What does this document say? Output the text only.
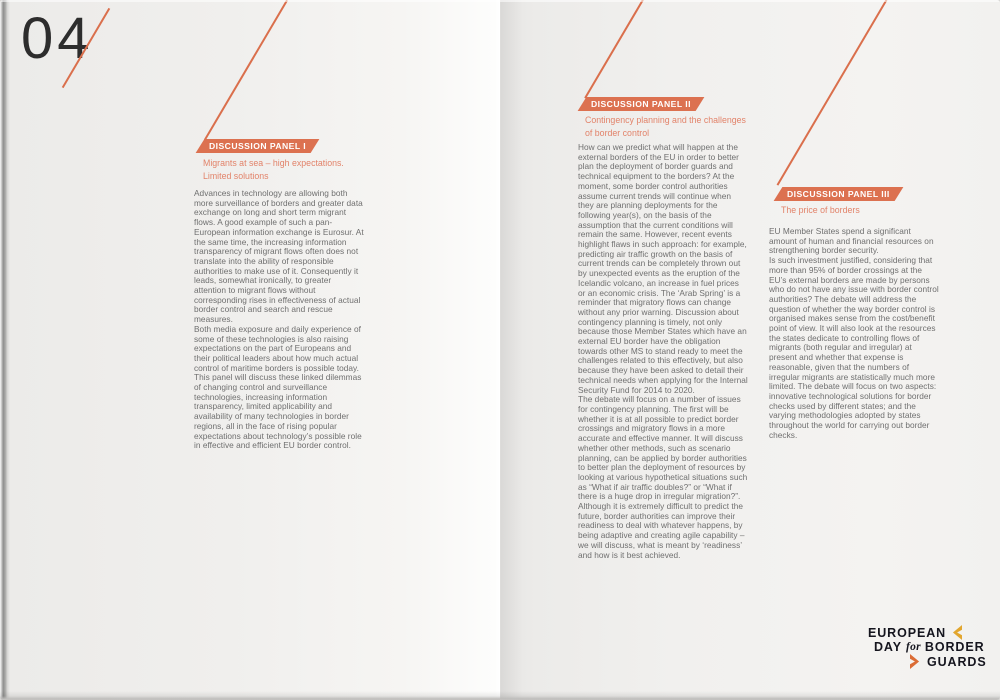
04
DISCUSSION PANEL I
Migrants at sea – high expectations.
Limited solutions

Advances in technology are allowing both more surveillance of borders and greater data exchange on long and short term migrant flows. A good example of such a pan-European information exchange is Eurosur. At the same time, the increasing information transparency of migrant flows often does not translate into the ability of responsible authorities to make use of it. Consequently it leads, somewhat ironically, to greater attention to migrant flows without corresponding rises in effectiveness of actual border control and search and rescue measures.

Both media exposure and daily experience of some of these technologies is also raising expectations on the part of Europeans and their political leaders about how much actual control of maritime borders is possible today. This panel will discuss these linked dilemmas of changing control and surveillance technologies, increasing information transparency, limited applicability and availability of many technologies in border regions, all in the face of rising popular expectations about technology’s possible role in effective and efficient EU border control.

DISCUSSION PANEL II
Contingency planning and the challenges
of border control

How can we predict what will happen at the external borders of the EU in order to better plan the deployment of border guards and technical equipment to the borders? At the moment, some border control authorities assume current trends will continue when they are planning deployments for the following year(s), on the basis of the assumption that the current conditions will remain the same. However, recent events highlight flaws in such approach: for example, predicting air traffic growth on the basis of current trends can be completely thrown out by unexpected events as the eruption of the Icelandic volcano, an increase in fuel prices or an economic crisis. The ‘Arab Spring’ is a reminder that migratory flows can change without any prior warning. Discussion about contingency planning is timely, not only because those Member States which have an external EU border have the obligation towards other MS to stand ready to meet the challenges related to this effectively, but also because they have been asked to detail their technical needs when applying for the Internal Security Fund for 2014 to 2020.

The debate will focus on a number of issues for contingency planning. The first will be whether it is at all possible to predict border crossings and migratory flows in a more accurate and effective manner. It will discuss whether other methods, such as scenario planning, can be applied by border authorities to better plan the deployment of resources by looking at various hypothetical situations such as “What if air traffic doubles?” or “What if there is a huge drop in irregular migration?”. Although it is extremely difficult to predict the future, border authorities can improve their readiness to deal with whatever happens, by being adaptive and creating agile capability – we will discuss, what is meant by ‘readiness’ and how is it best achieved.

DISCUSSION PANEL III
The price of borders

EU Member States spend a significant amount of human and financial resources on strengthening border security.

Is such investment justified, considering that more than 95% of border crossings at the EU’s external borders are made by persons who do not have any issue with border control authorities? The debate will address the question of whether the way border control is organised makes sense from the cost/benefit point of view. It will also look at the resources the states dedicate to controlling flows of migrants (both regular and irregular) at present and whether that expense is reasonable, given that the numbers of irregular migrants are statistically much more limited. The debate will focus on two aspects: innovative technological solutions for border checks used by different states; and the varying methodologies adopted by states throughout the world for carrying out border checks.

EUROPEAN
DAY for BORDER
GUARDS
